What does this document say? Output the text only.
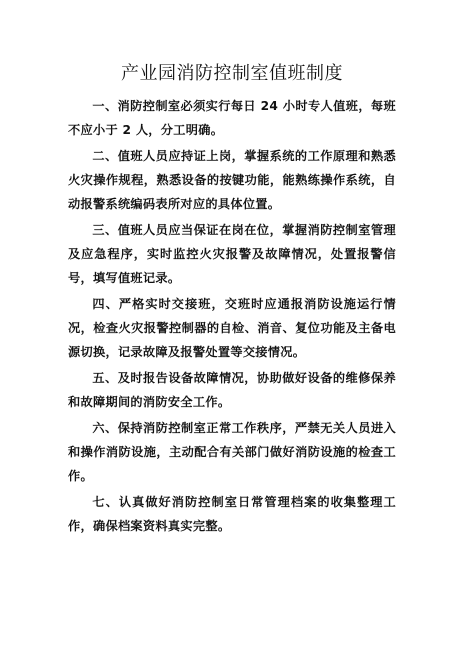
产业园消防控制室值班制度

一、消防控制室必须实行每日 24 小时专人值班，每班不应小于 2 人，分工明确。

二、值班人员应持证上岗，掌握系统的工作原理和熟悉火灾操作规程，熟悉设备的按键功能，能熟练操作系统，自动报警系统编码表所对应的具体位置。

三、值班人员应当保证在岗在位，掌握消防控制室管理及应急程序，实时监控火灾报警及故障情况，处置报警信号，填写值班记录。

四、严格实时交接班，交班时应通报消防设施运行情况，检查火灾报警控制器的自检、消音、复位功能及主备电源切换，记录故障及报警处置等交接情况。

五、及时报告设备故障情况，协助做好设备的维修保养和故障期间的消防安全工作。

六、保持消防控制室正常工作秩序，严禁无关人员进入和操作消防设施，主动配合有关部门做好消防设施的检查工作。

七、认真做好消防控制室日常管理档案的收集整理工作，确保档案资料真实完整。
